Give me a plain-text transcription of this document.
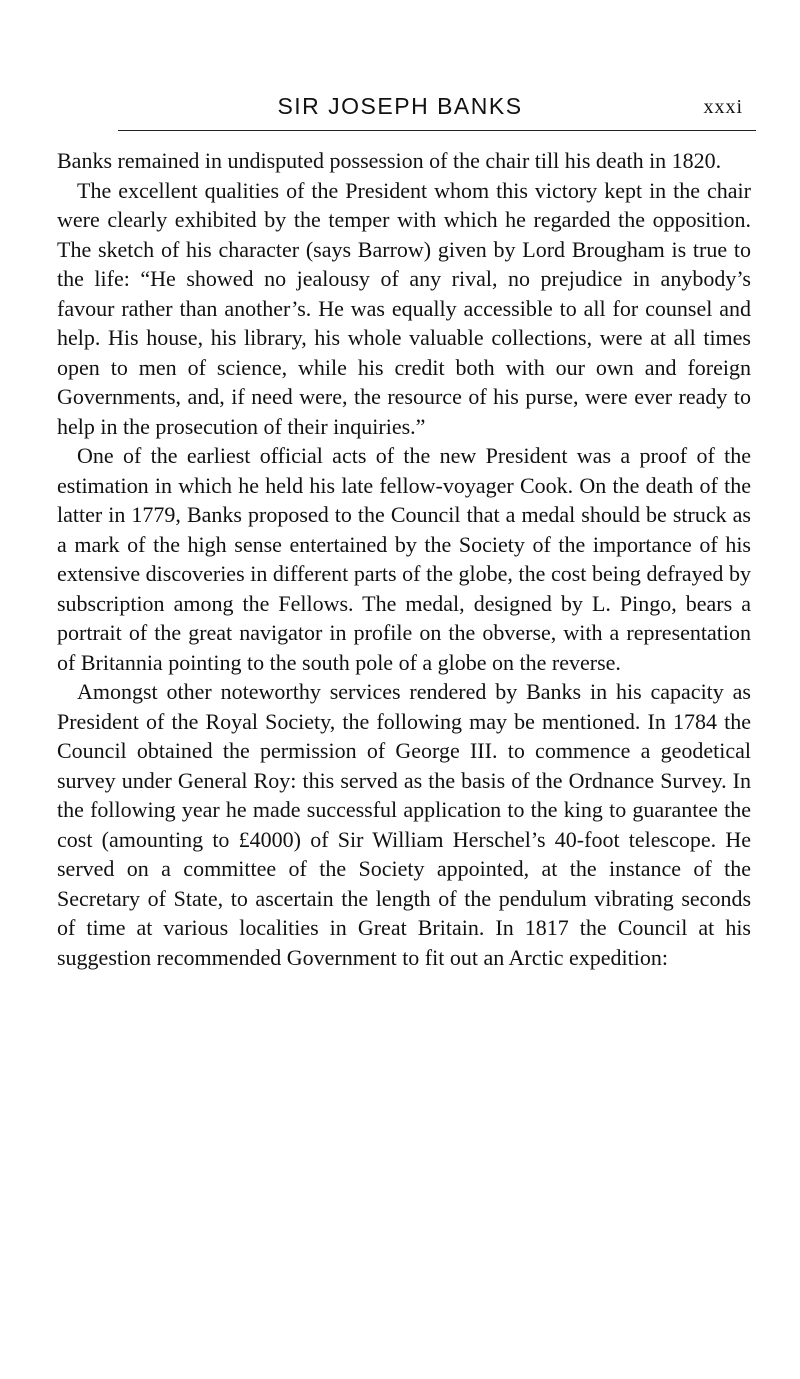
SIR JOSEPH BANKS	xxxi

Banks remained in undisputed possession of the chair till his death in 1820.

The excellent qualities of the President whom this victory kept in the chair were clearly exhibited by the temper with which he regarded the opposition. The sketch of his character (says Barrow) given by Lord Brougham is true to the life: “He showed no jealousy of any rival, no prejudice in anybody’s favour rather than another’s. He was equally accessible to all for counsel and help. His house, his library, his whole valuable collections, were at all times open to men of science, while his credit both with our own and foreign Governments, and, if need were, the resource of his purse, were ever ready to help in the prosecution of their inquiries.”

One of the earliest official acts of the new President was a proof of the estimation in which he held his late fellow-voyager Cook. On the death of the latter in 1779, Banks proposed to the Council that a medal should be struck as a mark of the high sense entertained by the Society of the importance of his extensive discoveries in different parts of the globe, the cost being defrayed by subscription among the Fellows. The medal, designed by L. Pingo, bears a portrait of the great navigator in profile on the obverse, with a representation of Britannia pointing to the south pole of a globe on the reverse.

Amongst other noteworthy services rendered by Banks in his capacity as President of the Royal Society, the following may be mentioned. In 1784 the Council obtained the permission of George III. to commence a geodetical survey under General Roy: this served as the basis of the Ordnance Survey. In the following year he made successful application to the king to guarantee the cost (amounting to £4000) of Sir William Herschel’s 40-foot telescope. He served on a committee of the Society appointed, at the instance of the Secretary of State, to ascertain the length of the pendulum vibrating seconds of time at various localities in Great Britain. In 1817 the Council at his suggestion recommended Government to fit out an Arctic expedition:
